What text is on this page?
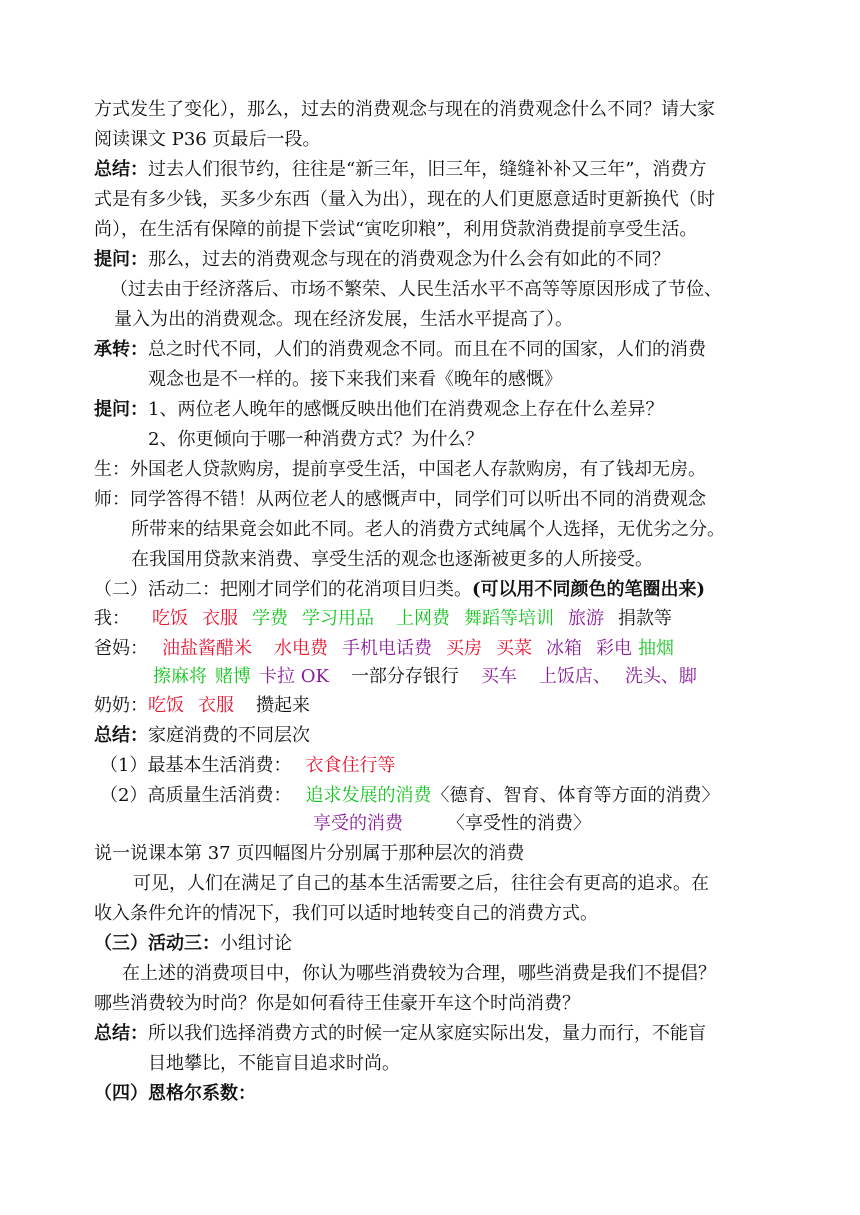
方式发生了变化），那么，过去的消费观念与现在的消费观念什么不同？请大家
阅读课文 P36 页最后一段。
总结：过去人们很节约，往往是“新三年，旧三年，缝缝补补又三年”，消费方
式是有多少钱，买多少东西（量入为出），现在的人们更愿意适时更新换代（时
尚），在生活有保障的前提下尝试“寅吃卯粮”，利用贷款消费提前享受生活。
提问：那么，过去的消费观念与现在的消费观念为什么会有如此的不同？
（过去由于经济落后、市场不繁荣、人民生活水平不高等等原因形成了节俭、
量入为出的消费观念。现在经济发展，生活水平提高了）。
承转：总之时代不同，人们的消费观念不同。而且在不同的国家，人们的消费
观念也是不一样的。接下来我们来看《晚年的感慨》
提问：1、两位老人晚年的感慨反映出他们在消费观念上存在什么差异？
2、你更倾向于哪一种消费方式？为什么？
生：外国老人贷款购房，提前享受生活，中国老人存款购房，有了钱却无房。
师：同学答得不错！从两位老人的感慨声中，同学们可以听出不同的消费观念
所带来的结果竟会如此不同。老人的消费方式纯属个人选择，无优劣之分。
在我国用贷款来消费、享受生活的观念也逐渐被更多的人所接受。
（二）活动二：把刚才同学们的花消项目归类。(可以用不同颜色的笔圈出来)
我： 吃饭 衣服 学费 学习用品 上网费 舞蹈等培训 旅游 捐款等
爸妈： 油盐酱醋米 水电费 手机电话费 买房 买菜 冰箱 彩电 抽烟
擦麻将 赌博 卡拉 OK 一部分存银行 买车 上饭店、 洗头、脚
奶奶：吃饭 衣服 攒起来
总结：家庭消费的不同层次
（1）最基本生活消费： 衣食住行等
（2）高质量生活消费： 追求发展的消费〈德育、智育、体育等方面的消费〉
享受的消费 〈享受性的消费〉
说一说课本第 37 页四幅图片分别属于那种层次的消费
可见，人们在满足了自己的基本生活需要之后，往往会有更高的追求。在
收入条件允许的情况下，我们可以适时地转变自己的消费方式。
（三）活动三：小组讨论
在上述的消费项目中，你认为哪些消费较为合理，哪些消费是我们不提倡？
哪些消费较为时尚？你是如何看待王佳豪开车这个时尚消费？
总结：所以我们选择消费方式的时候一定从家庭实际出发，量力而行，不能盲
目地攀比，不能盲目追求时尚。
（四）恩格尔系数：
